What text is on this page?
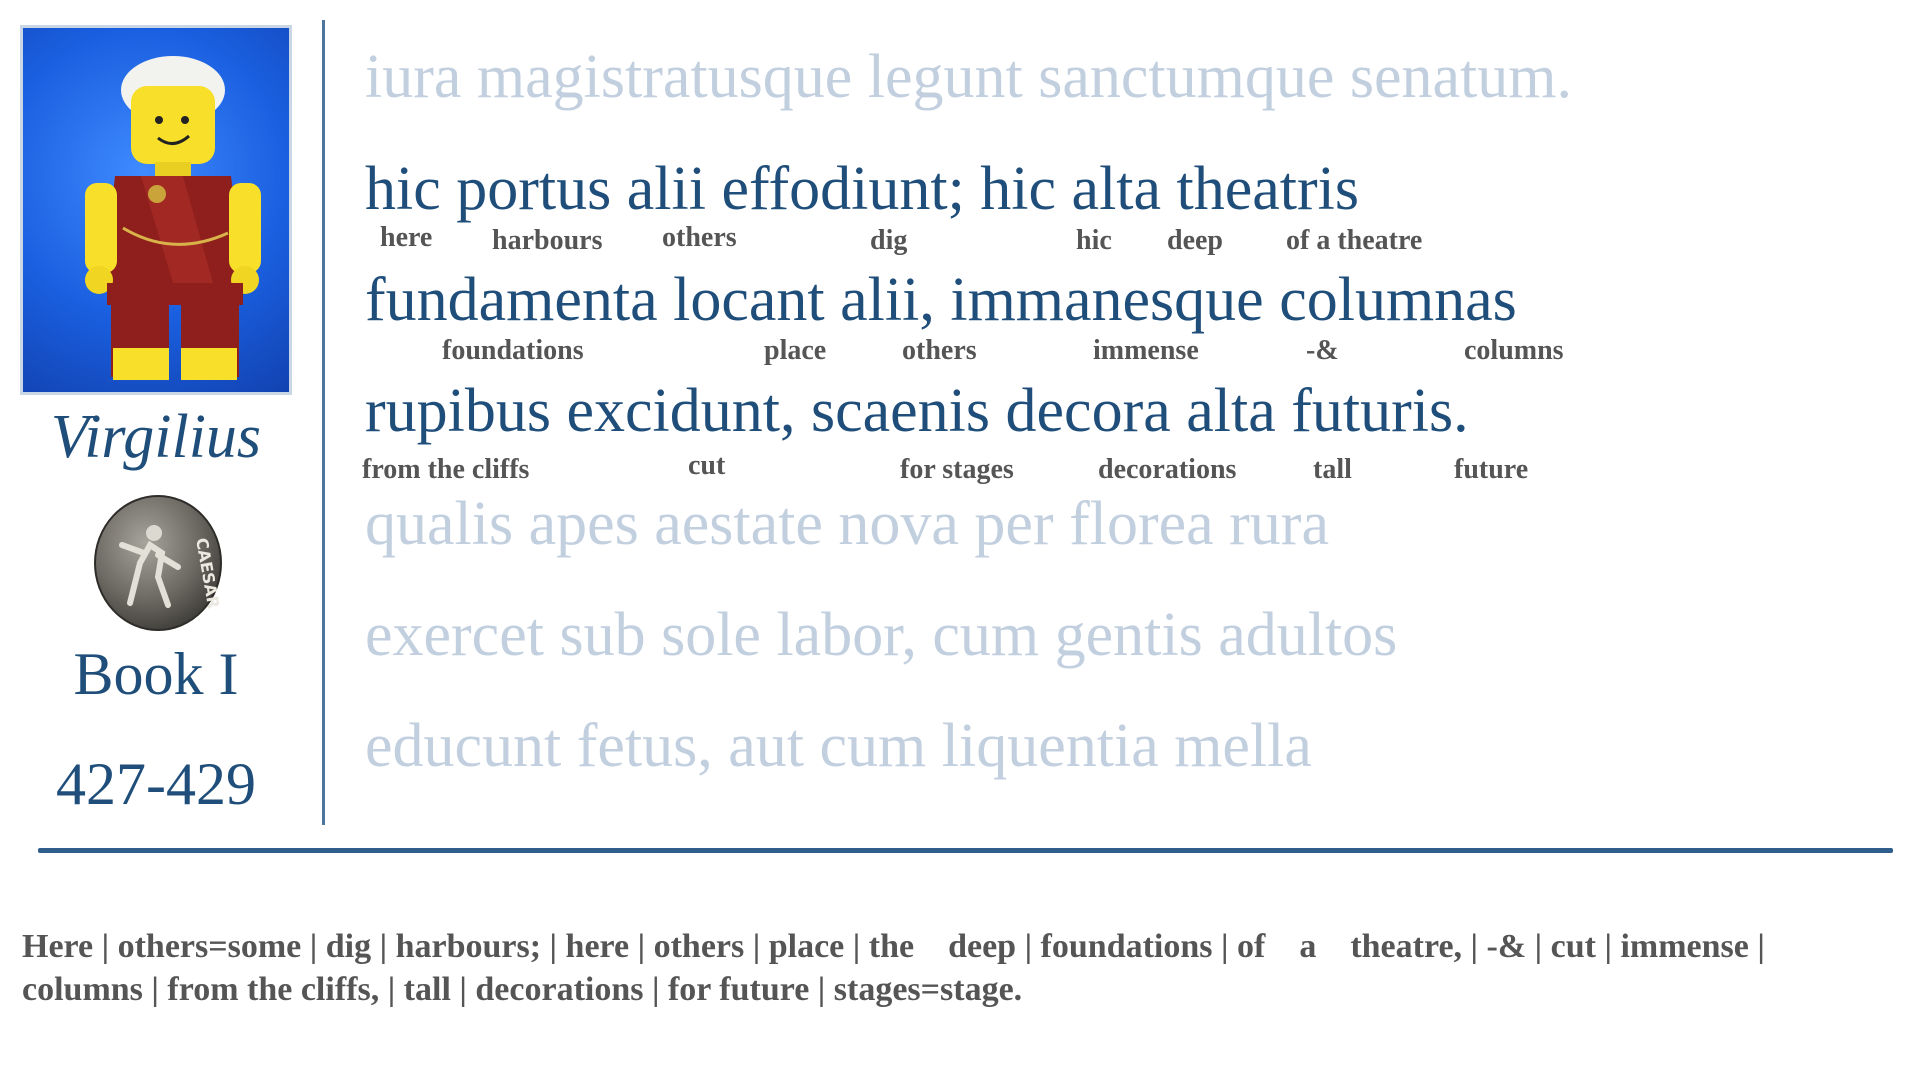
Virgilius
CAESAR
Book I
427-429
iura magistratusque legunt sanctumque senatum.
hic portus alii effodiunt; hic alta theatris
fundamenta locant alii, immanesque columnas
rupibus excidunt, scaenis decora alta futuris.
qualis apes aestate nova per florea rura
exercet sub sole labor, cum gentis adultos
educunt fetus, aut cum liquentia mella
here harbours others	dig	hic deep of a theatre
foundations	place	others	immense	-&	columns
from the cliffs	cut	for stages	decorations	tall	future
Here | others=some | dig | harbours; | here | others | place | the    deep | foundations | of    a    theatre, | -& | cut | immense |
columns | from the cliffs, | tall | decorations | for future | stages=stage.
